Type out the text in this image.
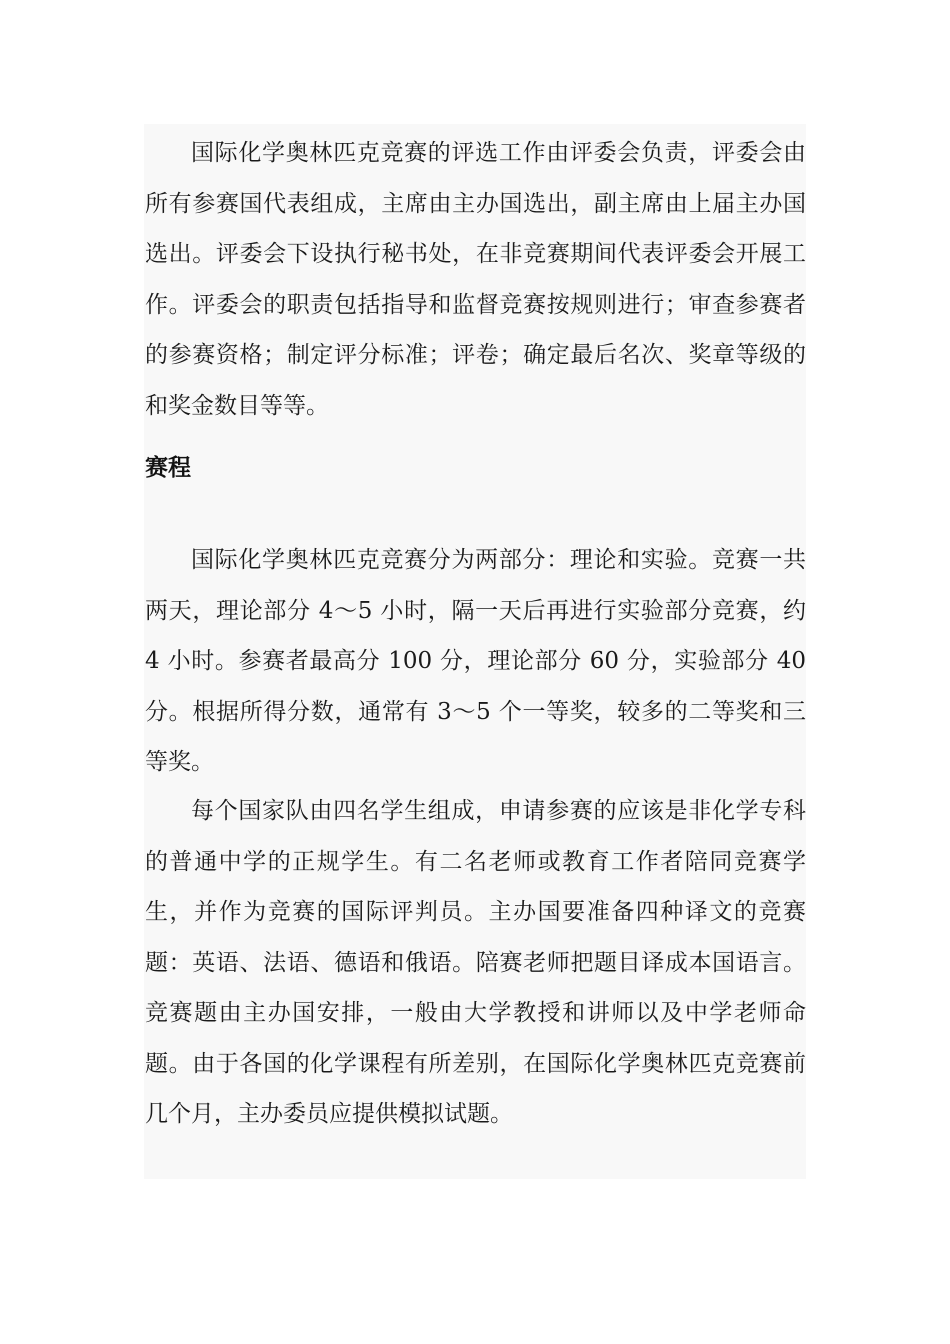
国际化学奥林匹克竞赛的评选工作由评委会负责，评委会由所有参赛国代表组成，主席由主办国选出，副主席由上届主办国选出。评委会下设执行秘书处，在非竞赛期间代表评委会开展工作。评委会的职责包括指导和监督竞赛按规则进行；审查参赛者的参赛资格；制定评分标准；评卷；确定最后名次、奖章等级的和奖金数目等等。

赛程

国际化学奥林匹克竞赛分为两部分：理论和实验。竞赛一共两天，理论部分 4～5 小时，隔一天后再进行实验部分竞赛，约 4 小时。参赛者最高分 100 分，理论部分 60 分，实验部分 40 分。根据所得分数，通常有 3～5 个一等奖，较多的二等奖和三等奖。

每个国家队由四名学生组成，申请参赛的应该是非化学专科的普通中学的正规学生。有二名老师或教育工作者陪同竞赛学生，并作为竞赛的国际评判员。主办国要准备四种译文的竞赛题：英语、法语、德语和俄语。陪赛老师把题目译成本国语言。竞赛题由主办国安排，一般由大学教授和讲师以及中学老师命题。由于各国的化学课程有所差别，在国际化学奥林匹克竞赛前几个月，主办委员应提供模拟试题。
